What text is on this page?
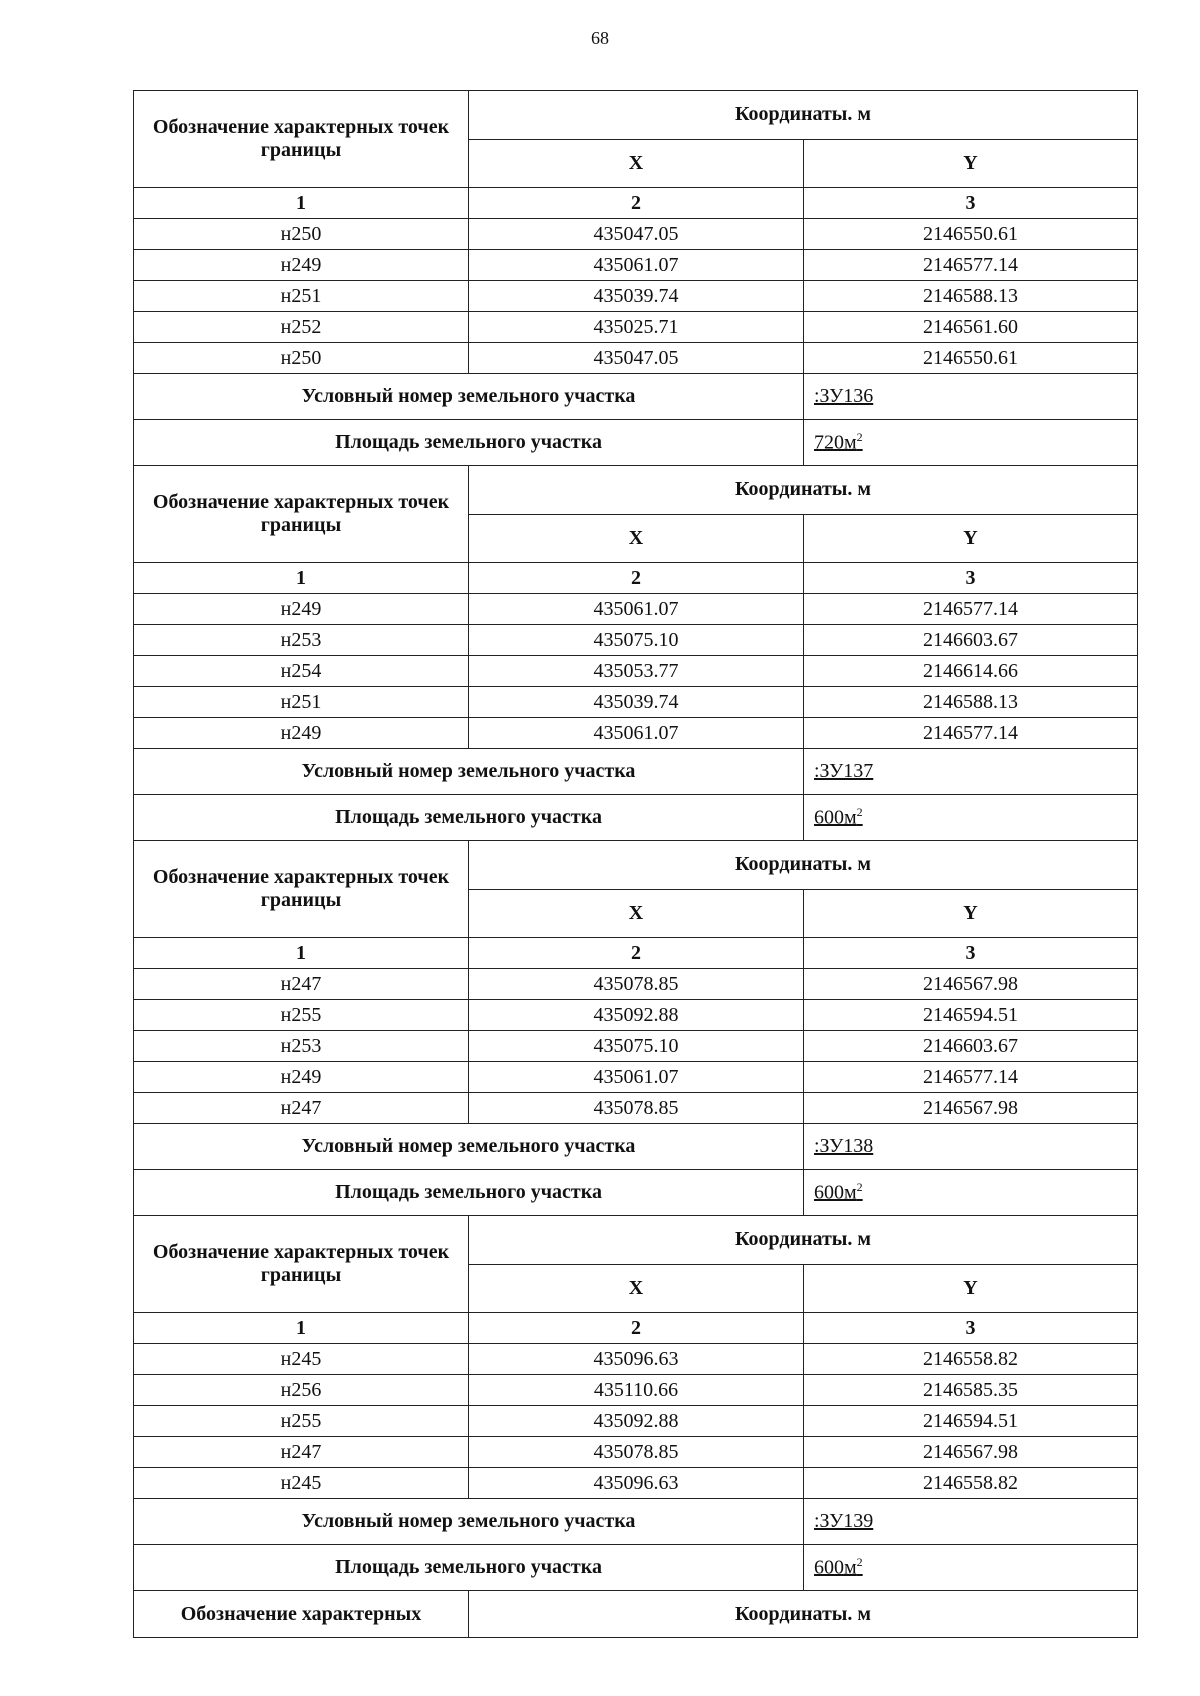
68
Обозначение характерных точек границы	Координаты. м	
	X	Y
1	2	3
н250	435047.05	2146550.61
н249	435061.07	2146577.14
н251	435039.74	2146588.13
н252	435025.71	2146561.60
н250	435047.05	2146550.61
Условный номер земельного участка		:ЗУ136
Площадь земельного участка		$720м^2$
Обозначение характерных точек границы	Координаты. м	
	X	Y
1	2	3
н249	435061.07	2146577.14
н253	435075.10	2146603.67
н254	435053.77	2146614.66
н251	435039.74	2146588.13
н249	435061.07	2146577.14
Условный номер земельного участка		:ЗУ137
Площадь земельного участка		$600м^2$
Обозначение характерных точек границы	Координаты. м	
	X	Y
1	2	3
н247	435078.85	2146567.98
н255	435092.88	2146594.51
н253	435075.10	2146603.67
н249	435061.07	2146577.14
н247	435078.85	2146567.98
Условный номер земельного участка		:ЗУ138
Площадь земельного участка		$600м^2$
Обозначение характерных точек границы	Координаты. м	
	X	Y
1	2	3
н245	435096.63	2146558.82
н256	435110.66	2146585.35
н255	435092.88	2146594.51
н247	435078.85	2146567.98
н245	435096.63	2146558.82
Условный номер земельного участка		:ЗУ139
Площадь земельного участка		$600м^2$
Обозначение характерных	Координаты. м	
